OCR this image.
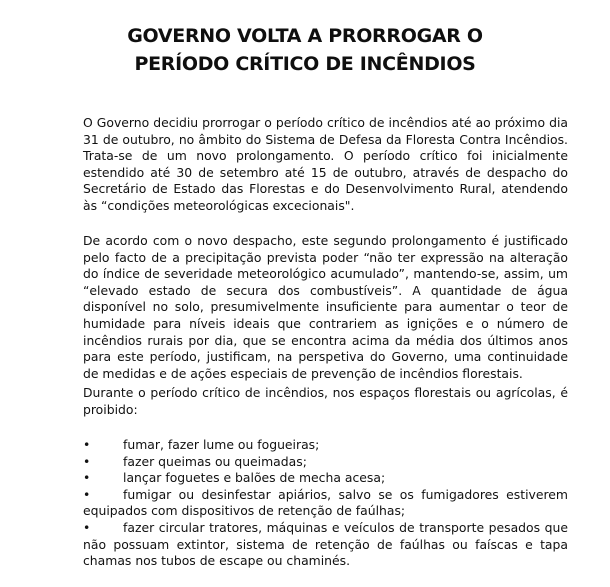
GOVERNO VOLTA A PRORROGAR O
PERÍODO CRÍTICO DE INCÊNDIOS

O Governo decidiu prorrogar o período crítico de incêndios até ao próximo dia 31 de outubro, no âmbito do Sistema de Defesa da Floresta Contra Incêndios. Trata-se de um novo prolongamento. O período crítico foi inicialmente estendido até 30 de setembro até 15 de outubro, através de despacho do Secretário de Estado das Florestas e do Desenvolvimento Rural, atendendo às “condições meteorológicas excecionais".

De acordo com o novo despacho, este segundo prolongamento é justificado pelo facto de a precipitação prevista poder “não ter expressão na alteração do índice de severidade meteorológico acumulado”, mantendo-se, assim, um “elevado estado de secura dos combustíveis”. A quantidade de água disponível no solo, presumivelmente insuficiente para aumentar o teor de humidade para níveis ideais que contrariem as ignições e o número de incêndios rurais por dia, que se encontra acima da média dos últimos anos para este período, justificam, na perspetiva do Governo, uma continuidade de medidas e de ações especiais de prevenção de incêndios florestais.

Durante o período crítico de incêndios, nos espaços florestais ou agrícolas, é proibido:

•	fumar, fazer lume ou fogueiras;
•	fazer queimas ou queimadas;
•	lançar foguetes e balões de mecha acesa;
•	fumigar ou desinfestar apiários, salvo se os fumigadores estiverem equipados com dispositivos de retenção de faúlhas;
•	fazer circular tratores, máquinas e veículos de transporte pesados que não possuam extintor, sistema de retenção de faúlhas ou faíscas e tapa chamas nos tubos de escape ou chaminés.
